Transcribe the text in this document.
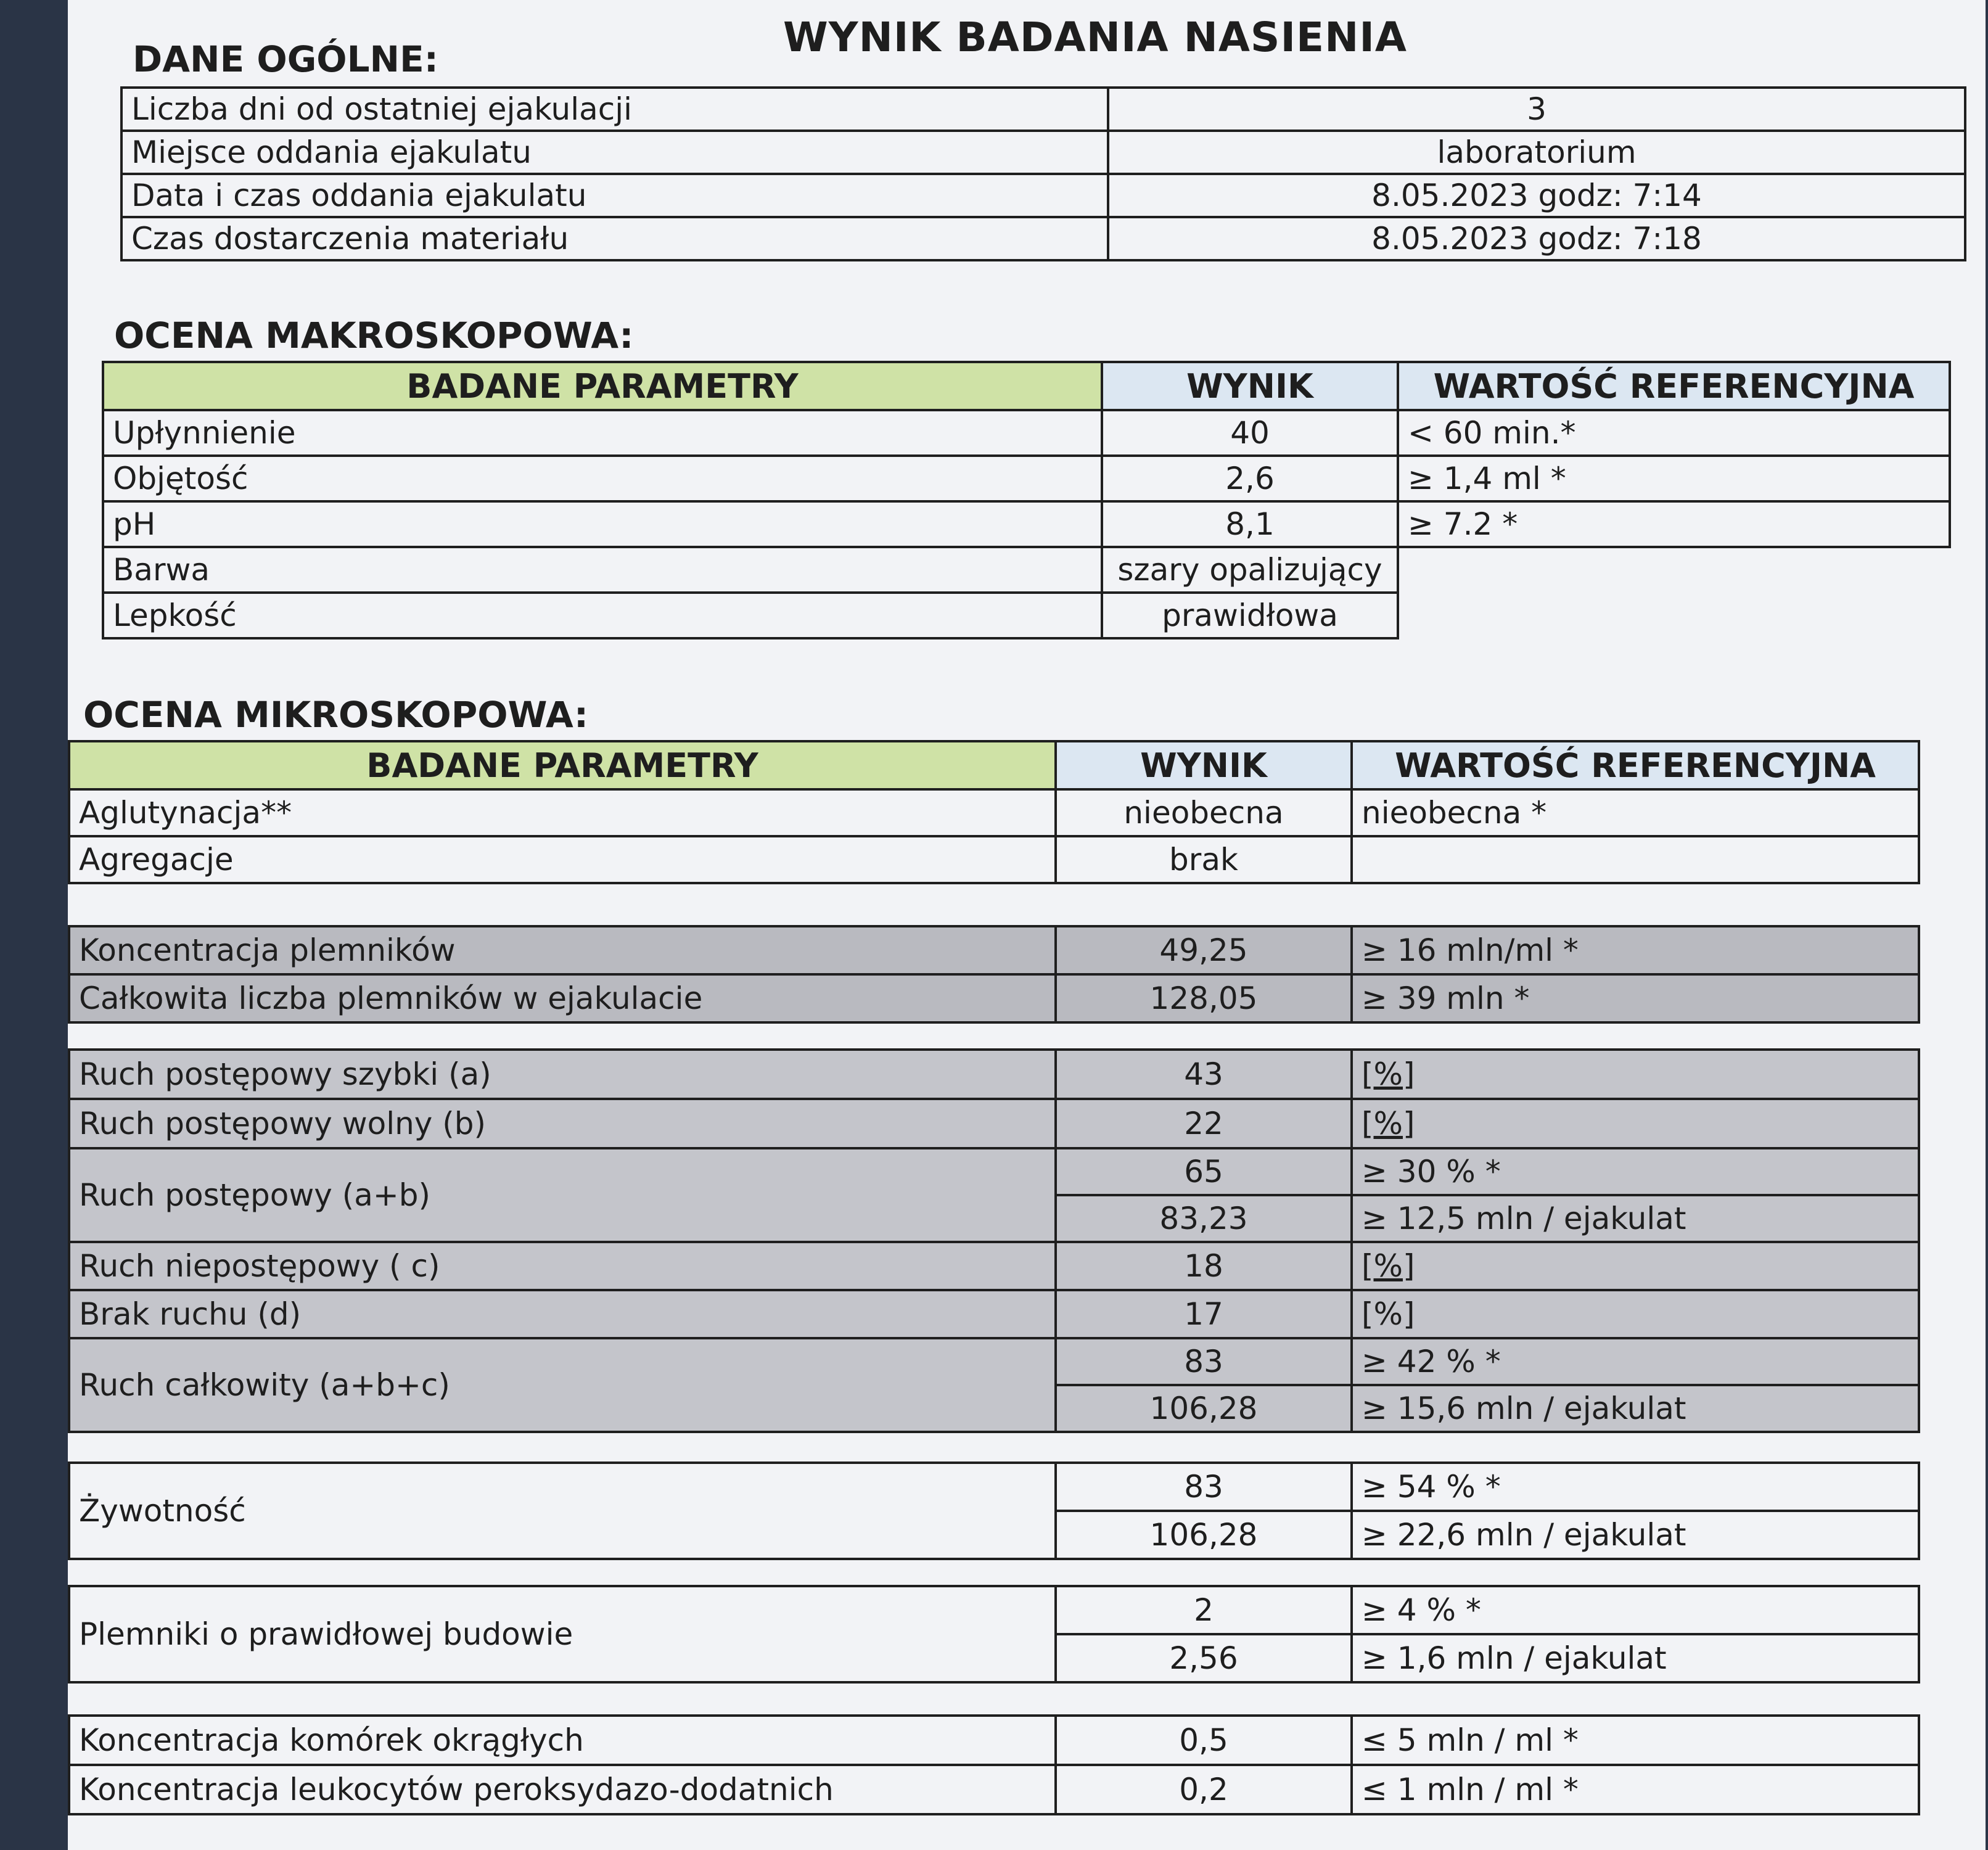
WYNIK BADANIA NASIENIA
DANE OGÓLNE:
Liczba dni od ostatniej ejakulacji	3
Miejsce oddania ejakulatu	laboratorium
Data i czas oddania ejakulatu	8.05.2023 godz: 7:14
Czas dostarczenia materiału	8.05.2023 godz: 7:18
OCENA MAKROSKOPOWA:
BADANE PARAMETRY	WYNIK	WARTOŚĆ REFERENCYJNA
Upłynnienie	40	< 60 min.*
Objętość	2,6	≥ 1,4 ml *
pH	8,1	≥ 7.2 *
Barwa	szary opalizujący	
Lepkość	prawidłowa	
OCENA MIKROSKOPOWA:
BADANE PARAMETRY	WYNIK	WARTOŚĆ REFERENCYJNA
Aglutynacja**	nieobecna	nieobecna *
Agregacje	brak	
Koncentracja plemników	49,25	≥ 16 mln/ml *
Całkowita liczba plemników w ejakulacie	128,05	≥ 39 mln *
Ruch postępowy szybki (a)	43	[%]
Ruch postępowy wolny (b)	22	[%]
Ruch postępowy (a+b)	65	≥ 30 % *
	83,23	≥ 12,5 mln / ejakulat
Ruch niepostępowy ( c)	18	[%]
Brak ruchu (d)	17	[%]
Ruch całkowity (a+b+c)	83	≥ 42 % *
	106,28	≥ 15,6 mln / ejakulat
Żywotność	83	≥ 54 % *
	106,28	≥ 22,6 mln / ejakulat
Plemniki o prawidłowej budowie	2	≥ 4 % *
	2,56	≥ 1,6 mln / ejakulat
Koncentracja komórek okrągłych	0,5	≤ 5 mln / ml *
Koncentracja leukocytów peroksydazo-dodatnich	0,2	≤ 1 mln / ml *
